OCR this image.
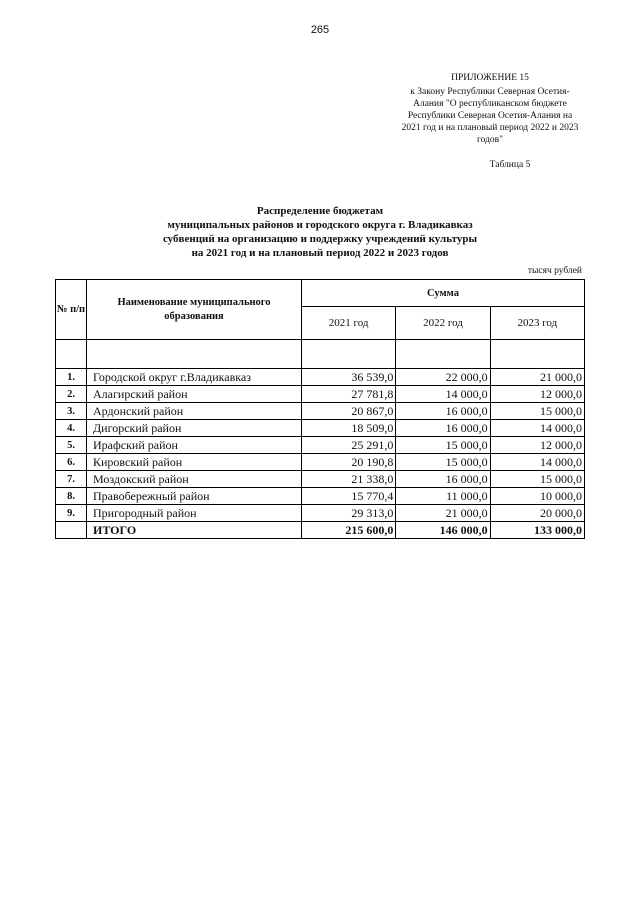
265
ПРИЛОЖЕНИЕ 15
к Закону Республики Северная Осетия-
Алания "О республиканском бюджете
Республики Северная Осетия-Алания на
2021 год и на плановый период 2022 и 2023
годов"
Таблица 5
Распределение бюджетам
муниципальных районов и городского округа г. Владикавказ
субвенций на организацию и поддержку учреждений культуры
на 2021 год и на плановый период 2022 и 2023 годов
тысяч рублей
№ п/п	Наименование муниципального образования	Сумма		
		2021 год	2022 год	2023 год

1.	Городской округ г.Владикавказ	36 539,0	22 000,0	21 000,0
2.	Алагирский район	27 781,8	14 000,0	12 000,0
3.	Ардонский район	20 867,0	16 000,0	15 000,0
4.	Дигорский район	18 509,0	16 000,0	14 000,0
5.	Ирафский район	25 291,0	15 000,0	12 000,0
6.	Кировский район	20 190,8	15 000,0	14 000,0
7.	Моздокский район	21 338,0	16 000,0	15 000,0
8.	Правобережный район	15 770,4	11 000,0	10 000,0
9.	Пригородный район	29 313,0	21 000,0	20 000,0
	ИТОГО	215 600,0	146 000,0	133 000,0
